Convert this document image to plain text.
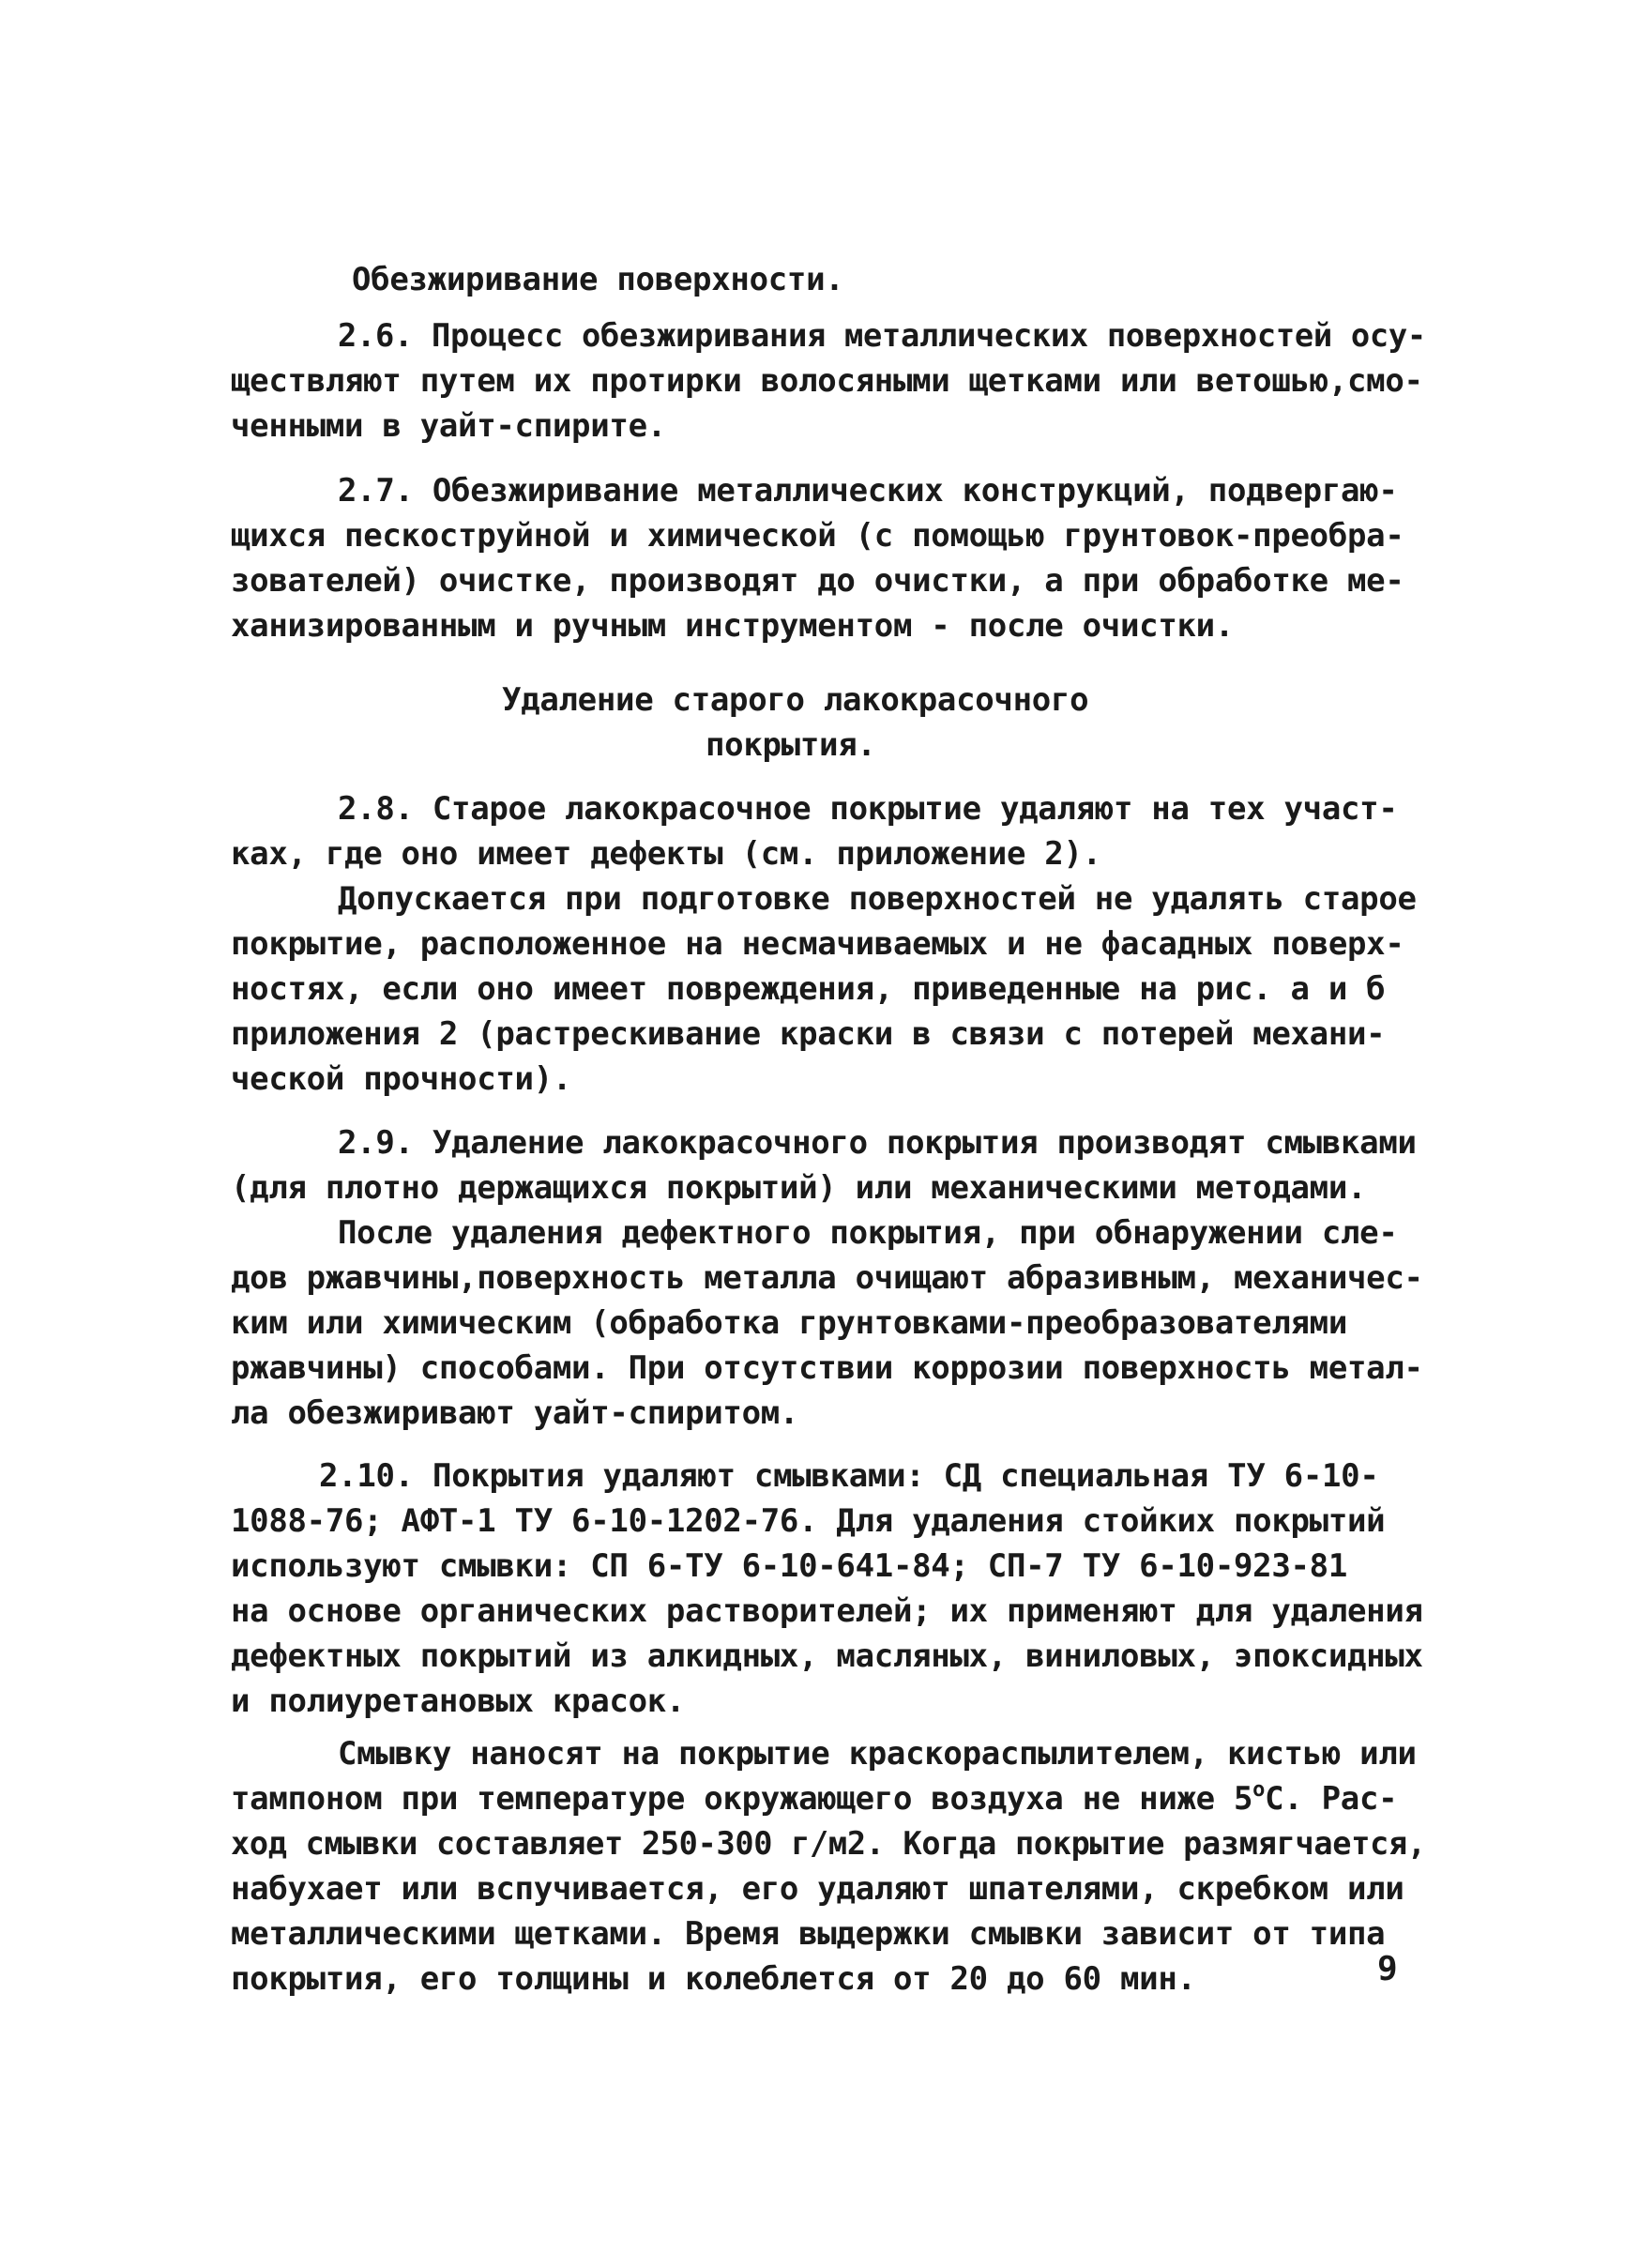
Обезжиривание поверхности.
2.6. Процесс обезжиривания металлических поверхностей осу-
ществляют путем их протирки волосяными щетками или ветошью,смо-
ченными в уайт-спирите.
2.7. Обезжиривание металлических конструкций, подвергаю-
щихся пескоструйной и химической (с помощью грунтовок-преобра-
зователей) очистке, производят до очистки, а при обработке ме-
ханизированным и ручным инструментом - после очистки.
Удаление старого лакокрасочного
покрытия.
2.8. Старое лакокрасочное покрытие удаляют на тех участ-
ках, где оно имеет дефекты (см. приложение 2).
Допускается при подготовке поверхностей не удалять старое
покрытие, расположенное на несмачиваемых и не фасадных поверх-
ностях, если оно имеет повреждения, приведенные на рис. а и б
приложения 2 (растрескивание краски в связи с потерей механи-
ческой прочности).
2.9. Удаление лакокрасочного покрытия производят смывками
(для плотно держащихся покрытий) или механическими методами.
После удаления дефектного покрытия, при обнаружении сле-
дов ржавчины,поверхность металла очищают абразивным, механичес-
ким или химическим (обработка грунтовками-преобразователями
ржавчины) способами. При отсутствии коррозии поверхность метал-
ла обезжиривают уайт-спиритом.
2.10. Покрытия удаляют смывками: СД специальная ТУ 6-10-
1088-76; АФТ-1 ТУ 6-10-1202-76. Для удаления стойких покрытий
используют смывки: СП 6-ТУ 6-10-641-84; СП-7 ТУ 6-10-923-81
на основе органических растворителей; их применяют для удаления
дефектных покрытий из алкидных, масляных, виниловых, эпоксидных
и полиуретановых красок.
Смывку наносят на покрытие краскораспылителем, кистью или
тампоном при температуре окружающего воздуха не ниже $5^оС$. Рас-
ход смывки составляет 250-300 г/м2. Когда покрытие размягчается,
набухает или вспучивается, его удаляют шпателями, скребком или
металлическими щетками. Время выдержки смывки зависит от типа
покрытия, его толщины и колеблется от 20 до 60 мин.	9
